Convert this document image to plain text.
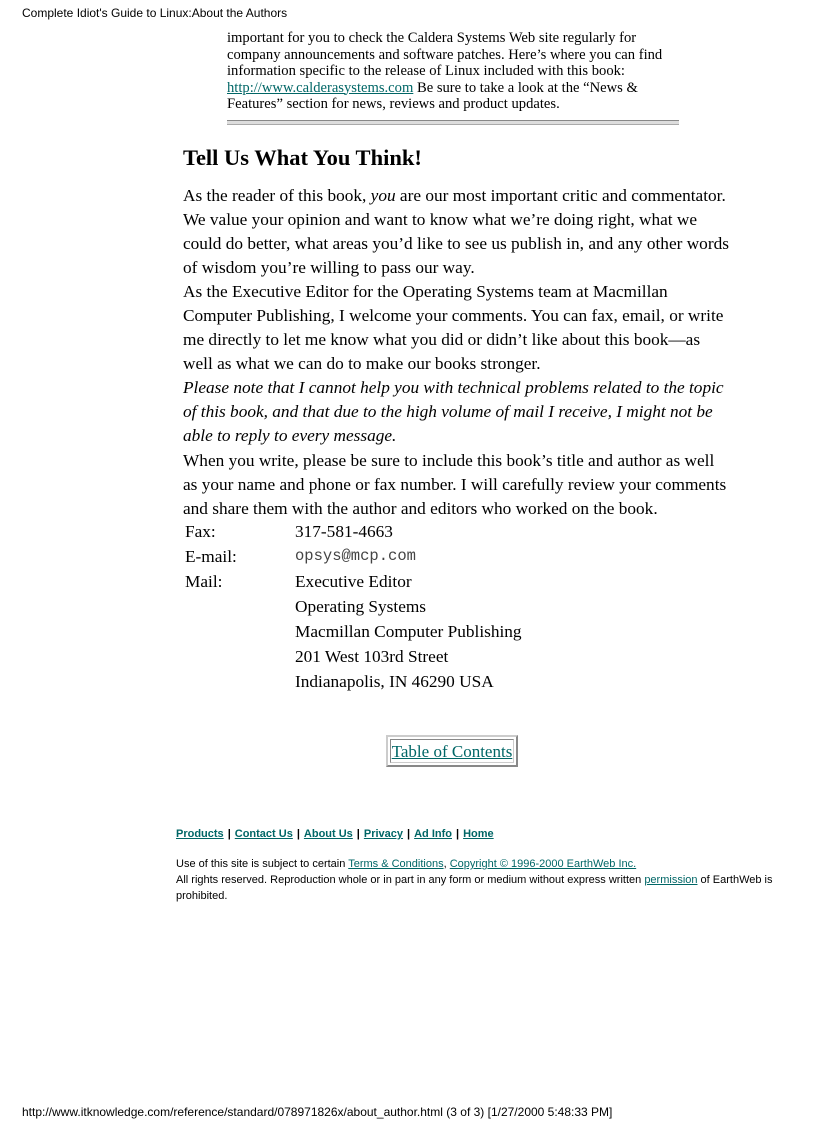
Complete Idiot's Guide to Linux:About the Authors
important for you to check the Caldera Systems Web site regularly for
company announcements and software patches. Here’s where you can find
information specific to the release of Linux included with this book:
http://www.calderasystems.com Be sure to take a look at the “News &
Features” section for news, reviews and product updates.
Tell Us What You Think!
As the reader of this book, you are our most important critic and commentator.
We value your opinion and want to know what we’re doing right, what we
could do better, what areas you’d like to see us publish in, and any other words
of wisdom you’re willing to pass our way.
As the Executive Editor for the Operating Systems team at Macmillan
Computer Publishing, I welcome your comments. You can fax, email, or write
me directly to let me know what you did or didn’t like about this book—as
well as what we can do to make our books stronger.
Please note that I cannot help you with technical problems related to the topic
of this book, and that due to the high volume of mail I receive, I might not be
able to reply to every message.
When you write, please be sure to include this book’s title and author as well
as your name and phone or fax number. I will carefully review your comments
and share them with the author and editors who worked on the book.
Fax:	317-581-4663
E-mail:	opsys@mcp.com
Mail:	Executive Editor
Operating Systems
Macmillan Computer Publishing
201 West 103rd Street
Indianapolis, IN 46290 USA
Table of Contents
Products | Contact Us | About Us | Privacy | Ad Info | Home
Use of this site is subject to certain Terms & Conditions, Copyright © 1996-2000 EarthWeb Inc.
All rights reserved. Reproduction whole or in part in any form or medium without express written permission of EarthWeb is
prohibited.
http://www.itknowledge.com/reference/standard/078971826x/about_author.html (3 of 3) [1/27/2000 5:48:33 PM]
